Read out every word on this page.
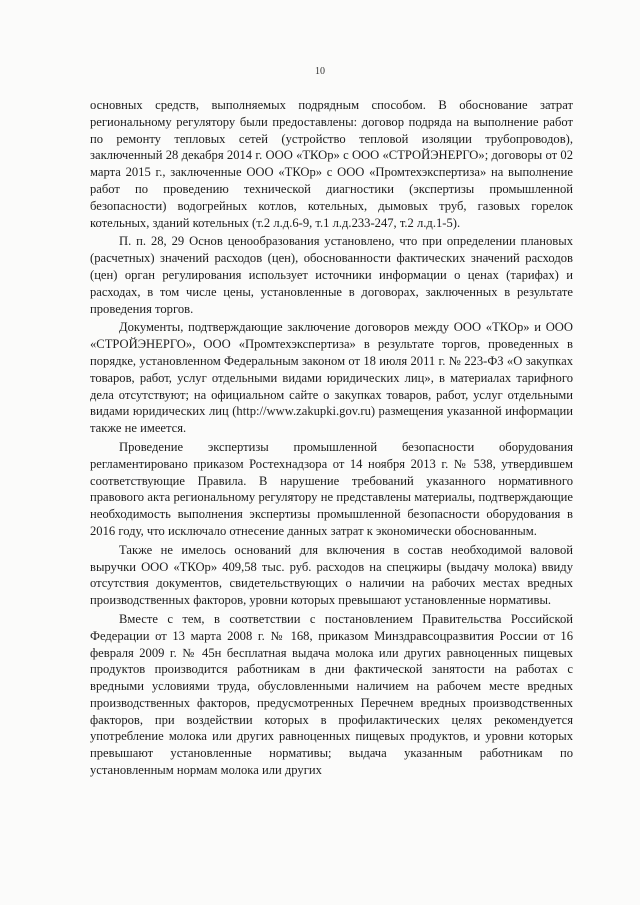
10

основных средств, выполняемых подрядным способом. В обоснование затрат региональному регулятору были предоставлены: договор подряда на выполнение работ по ремонту тепловых сетей (устройство тепловой изоляции трубопроводов), заключенный 28 декабря 2014 г. ООО «ТКОр» с ООО «СТРОЙЭНЕРГО»; договоры от 02 марта 2015 г., заключенные ООО «ТКОр» с ООО «Промтехэкспертиза» на выполнение работ по проведению технической диагностики (экспертизы промышленной безопасности) водогрейных котлов, котельных, дымовых труб, газовых горелок котельных, зданий котельных (т.2 л.д.6-9, т.1 л.д.233-247, т.2 л.д.1-5).

П. п. 28, 29 Основ ценообразования установлено, что при определении плановых (расчетных) значений расходов (цен), обоснованности фактических значений расходов (цен) орган регулирования использует источники информации о ценах (тарифах) и расходах, в том числе цены, установленные в договорах, заключенных в результате проведения торгов.

Документы, подтверждающие заключение договоров между ООО «ТКОр» и ООО «СТРОЙЭНЕРГО», ООО «Промтехэкспертиза» в результате торгов, проведенных в порядке, установленном Федеральным законом от 18 июля 2011 г. № 223-ФЗ «О закупках товаров, работ, услуг отдельными видами юридических лиц», в материалах тарифного дела отсутствуют; на официальном сайте о закупках товаров, работ, услуг отдельными видами юридических лиц (http://www.zakupki.gov.ru) размещения указанной информации также не имеется.

Проведение экспертизы промышленной безопасности оборудования регламентировано приказом Ростехнадзора от 14 ноября 2013 г. № 538, утвердившем соответствующие Правила. В нарушение требований указанного нормативного правового акта региональному регулятору не представлены материалы, подтверждающие необходимость выполнения экспертизы промышленной безопасности оборудования в 2016 году, что исключало отнесение данных затрат к экономически обоснованным.

Также не имелось оснований для включения в состав необходимой валовой выручки ООО «ТКОр» 409,58 тыс. руб. расходов на спецжиры (выдачу молока) ввиду отсутствия документов, свидетельствующих о наличии на рабочих местах вредных производственных факторов, уровни которых превышают установленные нормативы.

Вместе с тем, в соответствии с постановлением Правительства Российской Федерации от 13 марта 2008 г. № 168, приказом Минздравсоцразвития России от 16 февраля 2009 г. № 45н бесплатная выдача молока или других равноценных пищевых продуктов производится работникам в дни фактической занятости на работах с вредными условиями труда, обусловленными наличием на рабочем месте вредных производственных факторов, предусмотренных Перечнем вредных производственных факторов, при воздействии которых в профилактических целях рекомендуется употребление молока или других равноценных пищевых продуктов, и уровни которых превышают установленные нормативы; выдача указанным работникам по установленным нормам молока или других
